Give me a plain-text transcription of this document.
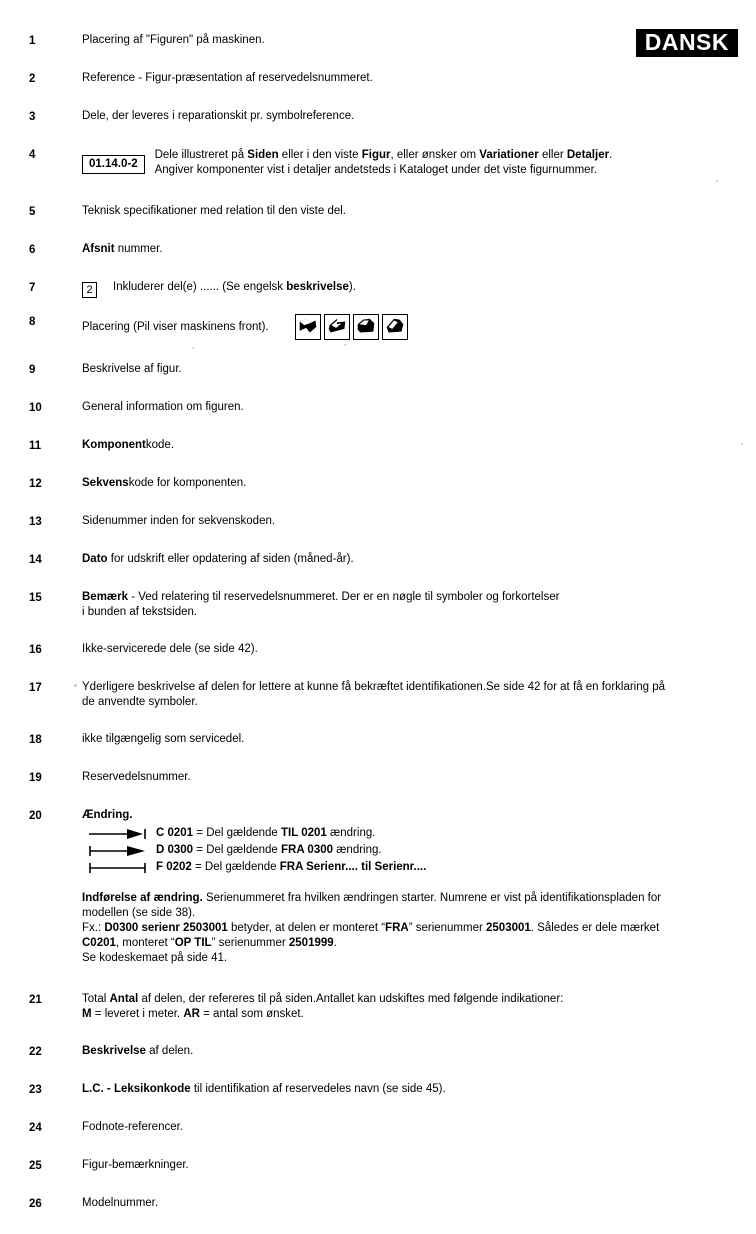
DANSK
1	Placering af "Figuren" på maskinen.
2	Reference - Figur-præsentation af reservedelsnummeret.
3	Dele, der leveres i reparationskit pr. symbolreference.
4
01.14.0-2
Dele illustreret på Siden eller i den viste Figur, eller ønsker om Variationer eller Detaljer.
Angiver komponenter vist i detaljer andetsteds i Kataloget under det viste figurnummer.
5	Teknisk specifikationer med relation til den viste del.
6	Afsnit nummer.
7	2 Inkluderer del(e) ...... (Se engelsk beskrivelse).
8	Placering (Pil viser maskinens front).
9	Beskrivelse af figur.
10	General information om figuren.
11	Komponentkode.
12	Sekvenskode for komponenten.
13	Sidenummer inden for sekvenskoden.
14	Dato for udskrift eller opdatering af siden (måned-år).
15	Bemærk - Ved relatering til reservedelsnummeret. Der er en nøgle til symboler og forkortelser
i bunden af tekstsiden.
16	Ikke-servicerede dele (se side 42).
17	Yderligere beskrivelse af delen for lettere at kunne få bekræftet identifikationen.Se side 42 for at få en forklaring på
de anvendte symboler.
18	ikke tilgængelig som servicedel.
19	Reservedelsnummer.
20	Ændring.
C 0201 = Del gældende TIL 0201 ændring.
D 0300 = Del gældende FRA 0300 ændring.
F 0202 = Del gældende FRA Serienr.... til Serienr....

Indførelse af ændring. Serienummeret fra hvilken ændringen starter. Numrene er vist på identifikationspladen for

modellen (se side 38).

Fx.: D0300 serienr 2503001 betyder, at delen er monteret “FRA” serienummer 2503001. Således er dele mærket

C0201, monteret “OP TIL” serienummer 2501999.

Se kodeskemaet på side 41.

21	Total Antal af delen, der refereres til på siden.Antallet kan udskiftes med følgende indikationer:
M = leveret i meter. AR = antal som ønsket.
22	Beskrivelse af delen.
23	L.C. - Leksikonkode til identifikation af reservedeles navn (se side 45).
24	Fodnote-referencer.
25	Figur-bemærkninger.
26	Modelnummer.
